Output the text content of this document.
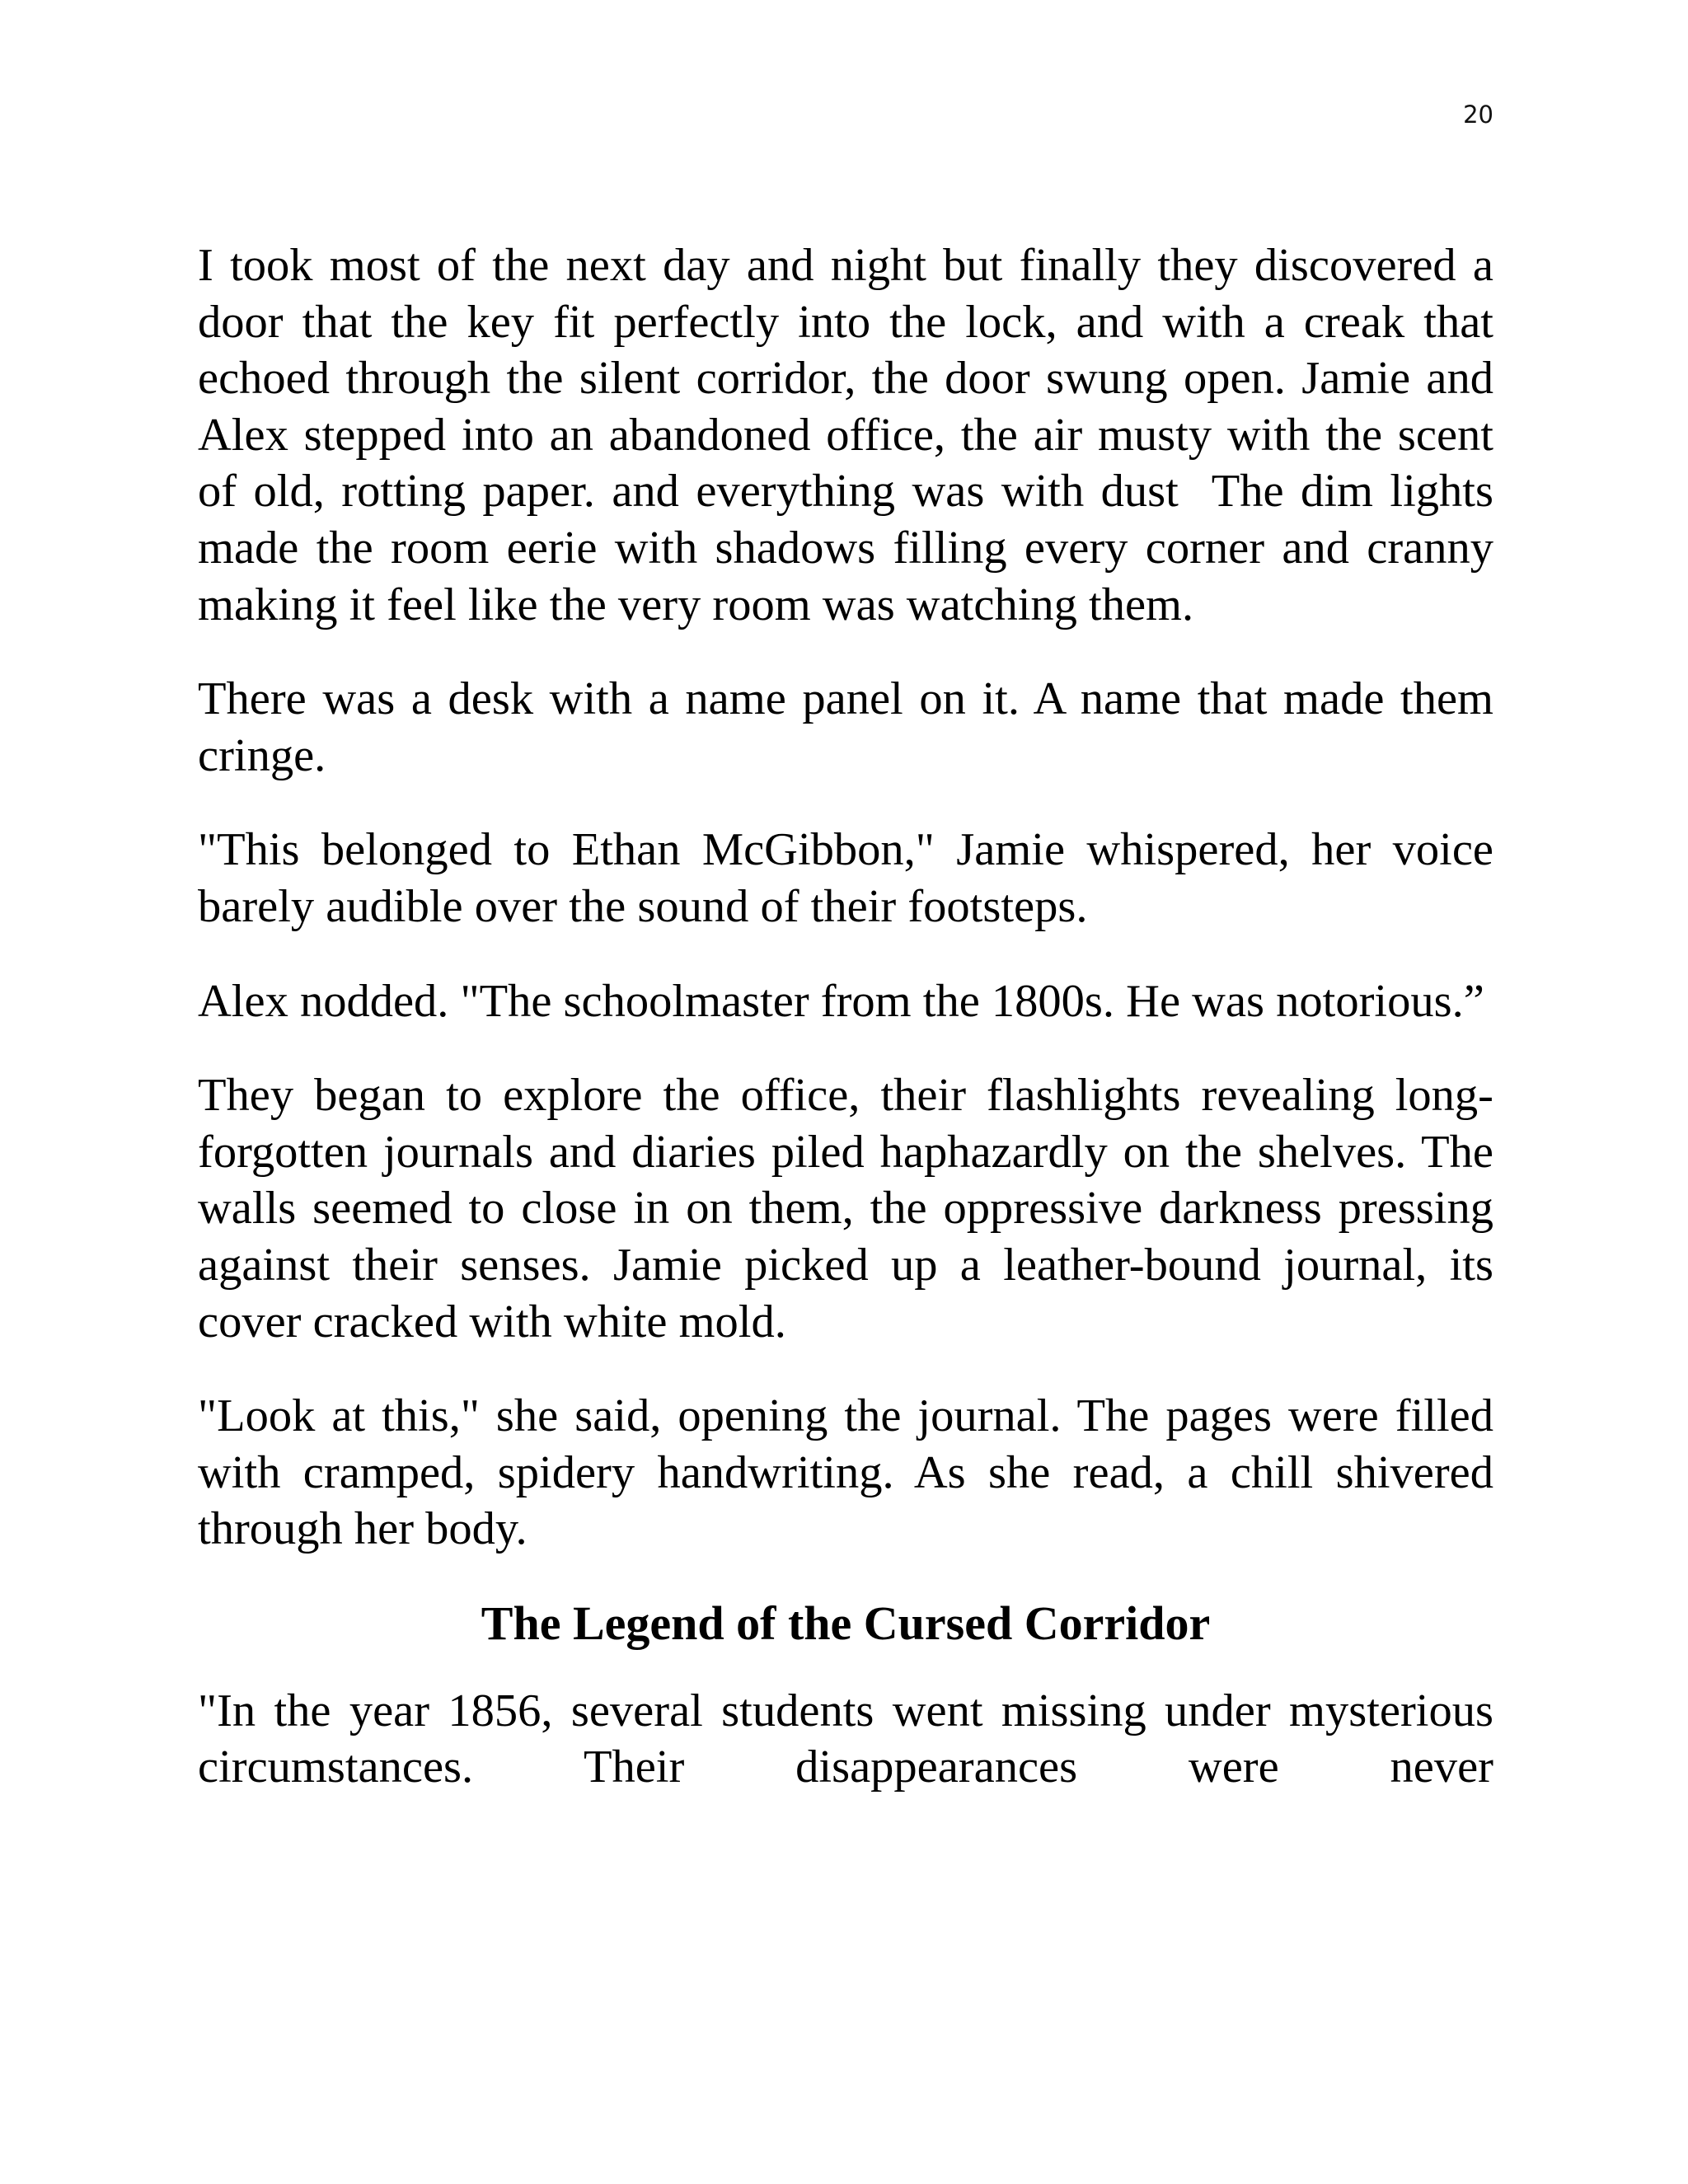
20

I took most of the next day and night but finally they discovered a door that the key fit perfectly into the lock, and with a creak that echoed through the silent corridor, the door swung open. Jamie and Alex stepped into an abandoned office, the air musty with the scent of old, rotting paper. and everything was with dust  The dim lights  made the room eerie with shadows filling every corner and cranny making it feel like the very room was watching them.

There was a desk with a name panel on it. A name that made them cringe.

"This belonged to Ethan McGibbon," Jamie whispered, her voice barely audible over the sound of their footsteps.

Alex nodded. "The schoolmaster from the 1800s. He was notorious.”

They began to explore the office, their flashlights revealing long-forgotten journals and diaries piled haphazardly on the shelves. The walls seemed to close in on them, the oppressive darkness pressing against their senses. Jamie picked up a leather-bound journal, its cover cracked with white mold.

"Look at this," she said, opening the journal. The pages were filled with cramped, spidery handwriting. As she read, a chill shivered through her body.

The Legend of the Cursed Corridor

"In the year 1856, several students went missing under mysterious circumstances. Their disappearances were never
